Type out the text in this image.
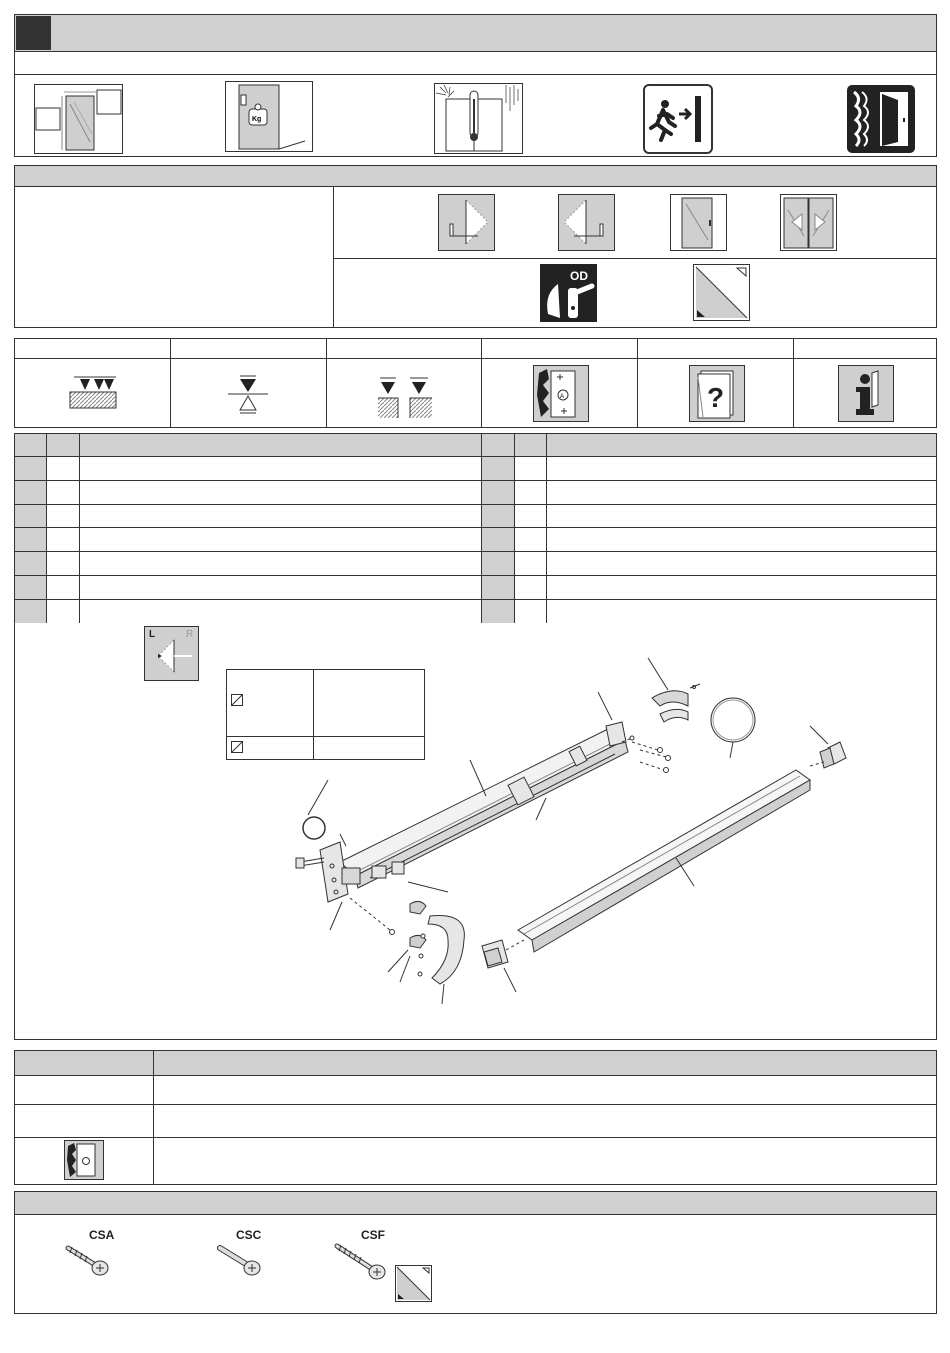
Kg
OD
A	?
L	R
CSA	CSC	CSF
